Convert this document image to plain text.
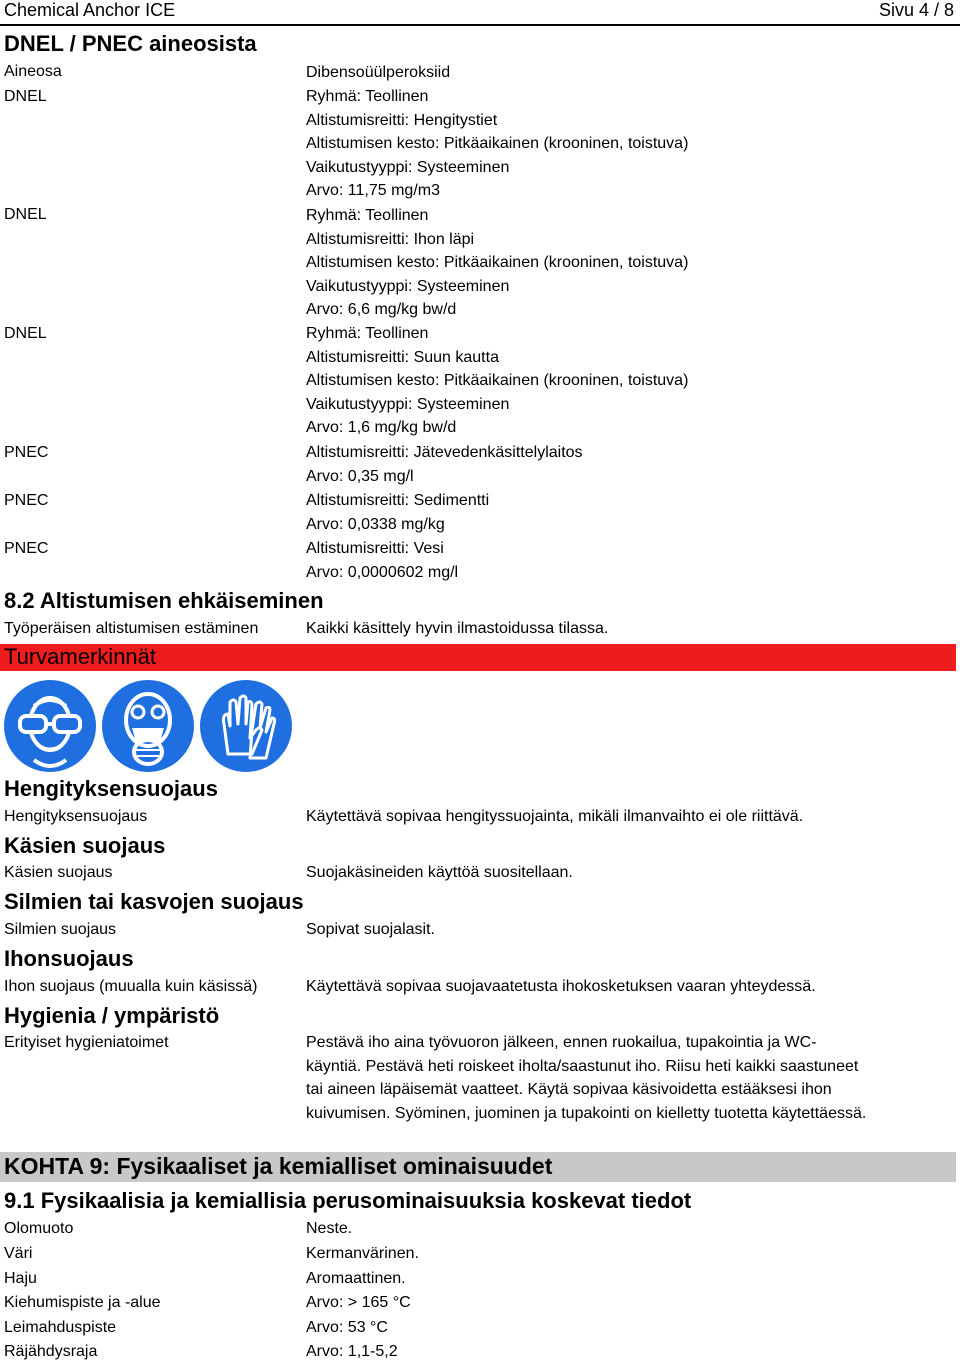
Chemical Anchor ICE	Sivu 4 / 8
DNEL / PNEC aineosista
Aineosa	Dibensoüülperoksiid
DNEL	Ryhmä: Teollinen
Altistumisreitti: Hengitystiet
Altistumisen kesto: Pitkäaikainen (krooninen, toistuva)
Vaikutustyyppi: Systeeminen
Arvo: 11,75 mg/m3
DNEL	Ryhmä: Teollinen
Altistumisreitti: Ihon läpi
Altistumisen kesto: Pitkäaikainen (krooninen, toistuva)
Vaikutustyyppi: Systeeminen
Arvo: 6,6 mg/kg bw/d
DNEL	Ryhmä: Teollinen
Altistumisreitti: Suun kautta
Altistumisen kesto: Pitkäaikainen (krooninen, toistuva)
Vaikutustyyppi: Systeeminen
Arvo: 1,6 mg/kg bw/d
PNEC	Altistumisreitti: Jätevedenkäsittelylaitos
Arvo: 0,35 mg/l
PNEC	Altistumisreitti: Sedimentti
Arvo: 0,0338 mg/kg
PNEC	Altistumisreitti: Vesi
Arvo: 0,0000602 mg/l
8.2 Altistumisen ehkäiseminen
Työperäisen altistumisen estäminen	Kaikki käsittely hyvin ilmastoidussa tilassa.
Turvamerkinnät
Hengityksensuojaus
Hengityksensuojaus	Käytettävä sopivaa hengityssuojainta, mikäli ilmanvaihto ei ole riittävä.
Käsien suojaus
Käsien suojaus	Suojakäsineiden käyttöä suositellaan.
Silmien tai kasvojen suojaus
Silmien suojaus	Sopivat suojalasit.
Ihonsuojaus
Ihon suojaus (muualla kuin käsissä)	Käytettävä sopivaa suojavaatetusta ihokosketuksen vaaran yhteydessä.
Hygienia / ympäristö
Erityiset hygieniatoimet	Pestävä iho aina työvuoron jälkeen, ennen ruokailua, tupakointia ja WC-
käyntiä. Pestävä heti roiskeet iholta/saastunut iho. Riisu heti kaikki saastuneet
tai aineen läpäisemät vaatteet. Käytä sopivaa käsivoidetta estääksesi ihon
kuivumisen. Syöminen, juominen ja tupakointi on kielletty tuotetta käytettäessä.
KOHTA 9: Fysikaaliset ja kemialliset ominaisuudet
9.1 Fysikaalisia ja kemiallisia perusominaisuuksia koskevat tiedot
Olomuoto	Neste.
Väri	Kermanvärinen.
Haju	Aromaattinen.
Kiehumispiste ja -alue	Arvo: > 165 °C
Leimahduspiste	Arvo: 53 °C
Räjähdysraja	Arvo: 1,1-5,2
